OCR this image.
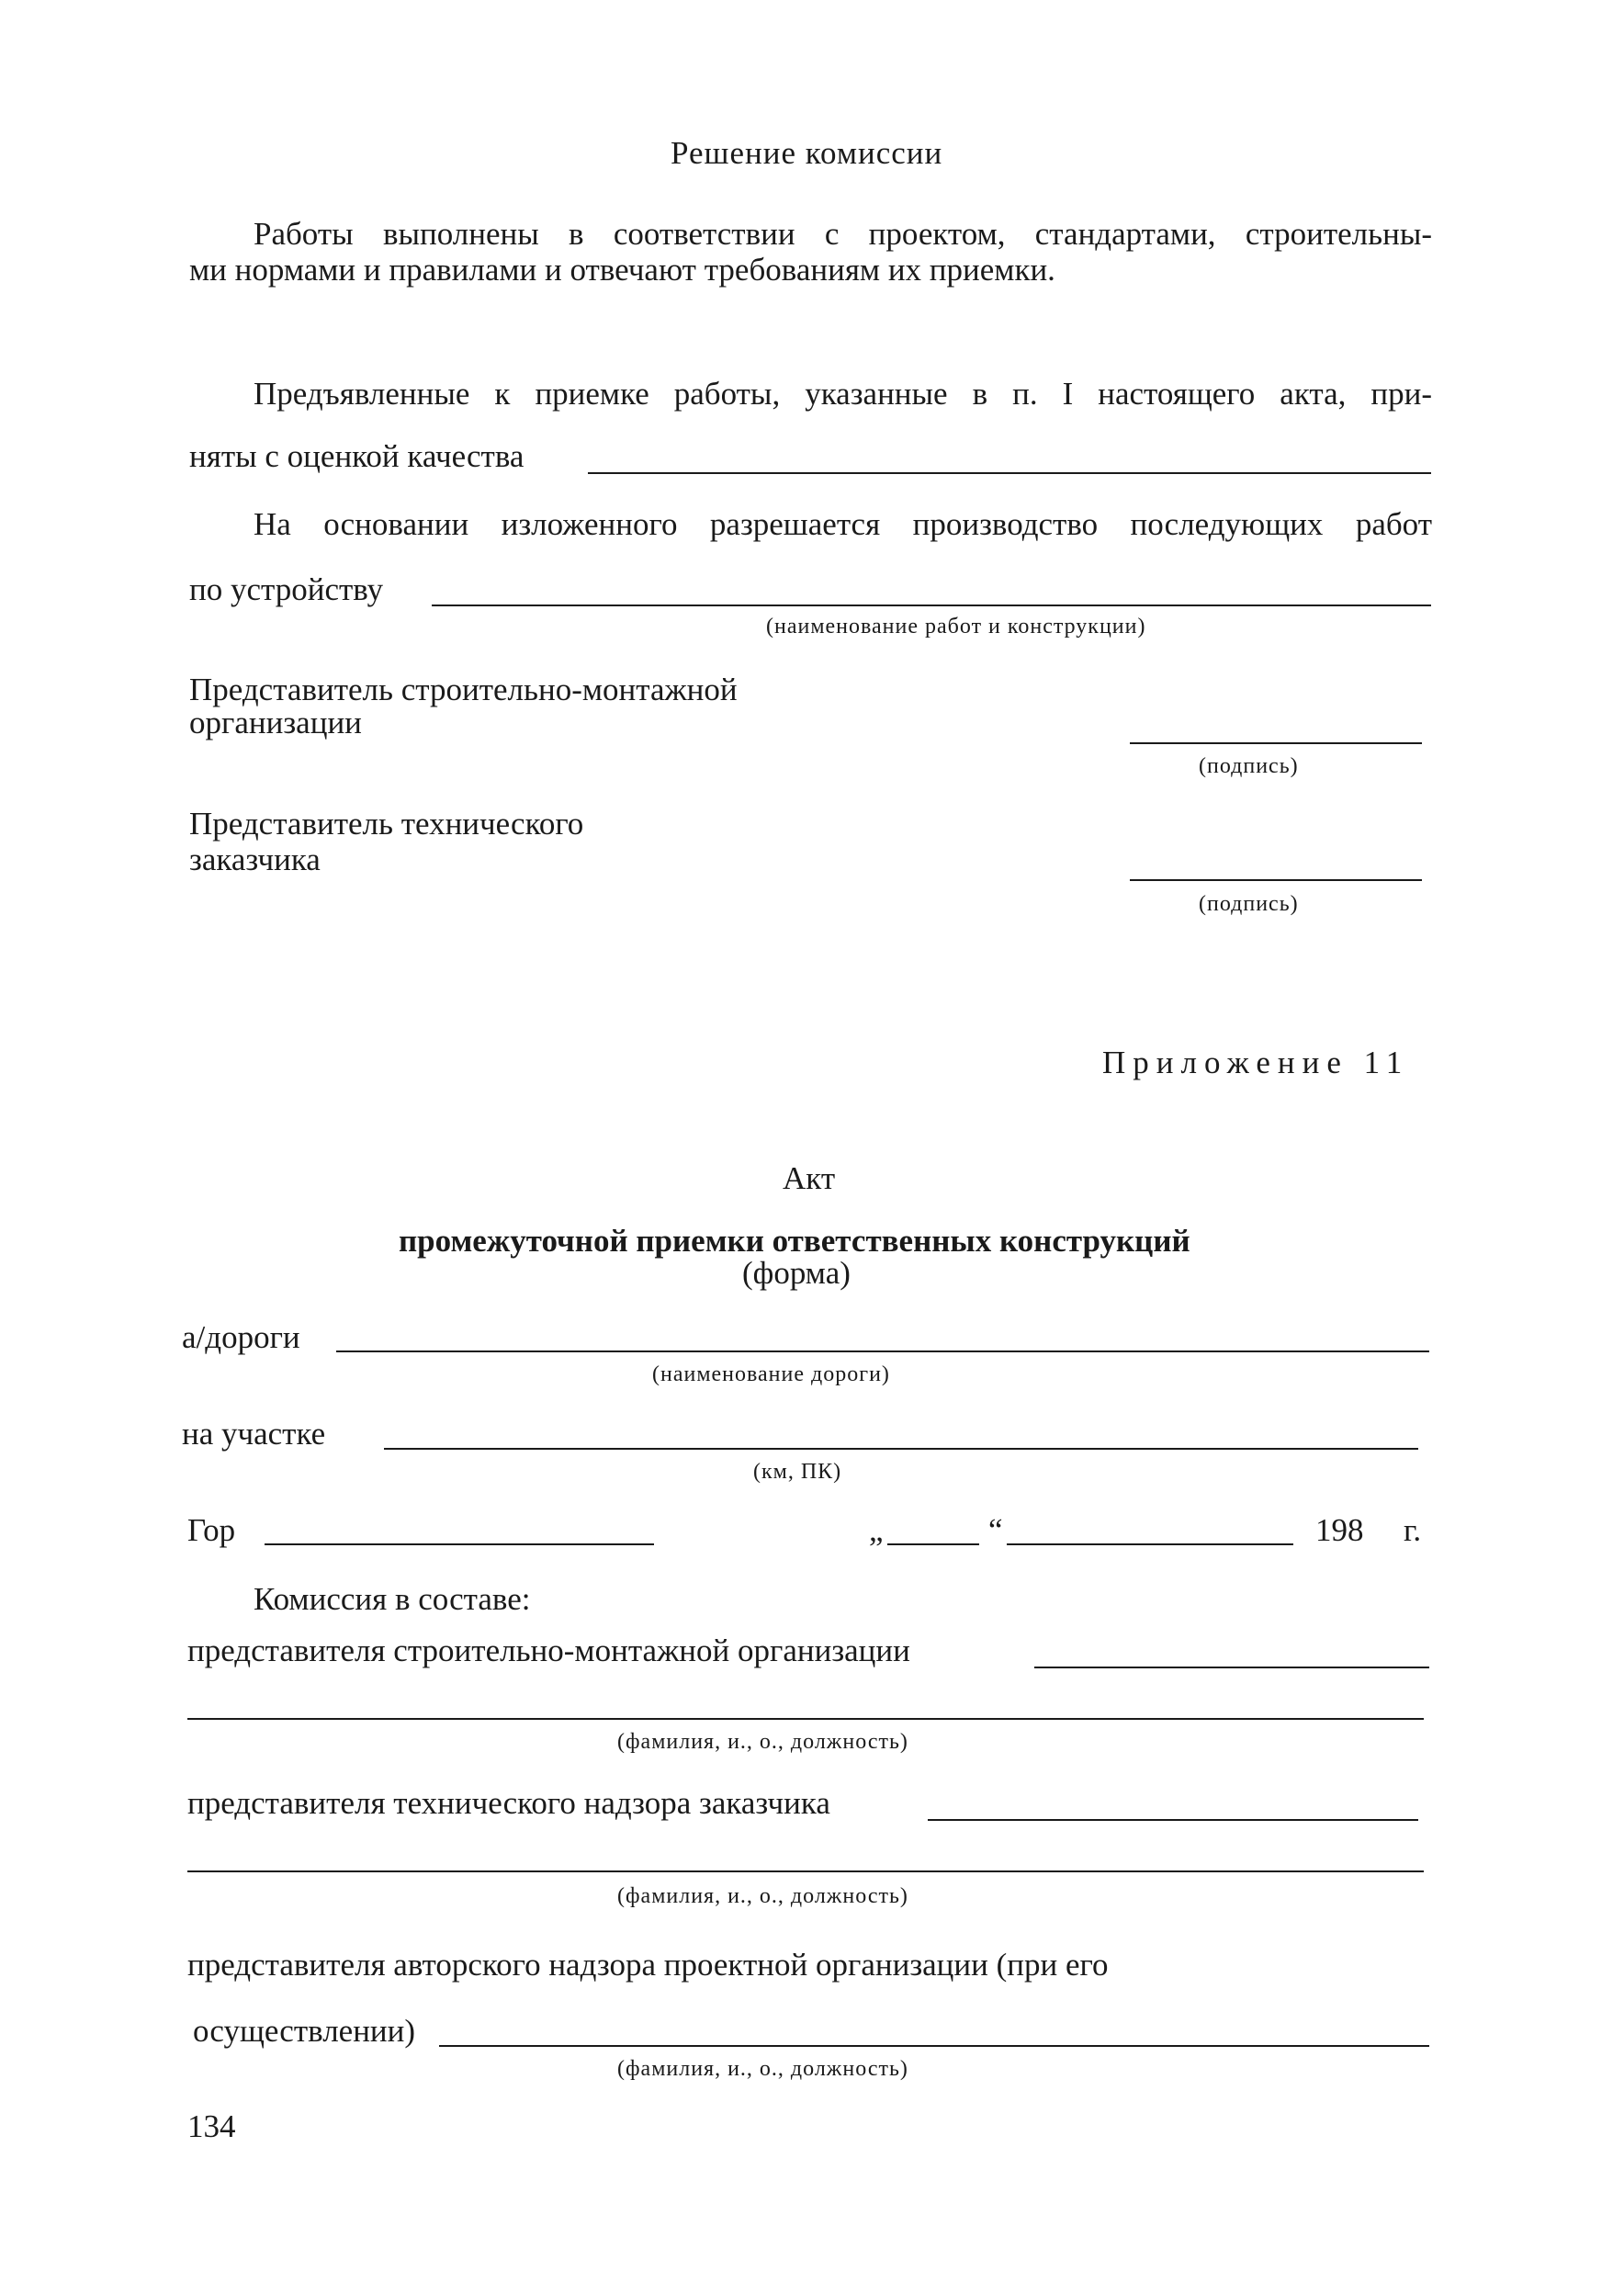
Решение комиссии
Работы выполнены в соответствии с проектом, стандартами, строительны-
ми нормами и правилами и отвечают требованиям их приемки.
Предъявленные к приемке работы, указанные в п. I настоящего акта, при-
няты с оценкой качества
На основании изложенного разрешается производство последующих работ
по устройству
(наименование работ и конструкции)
Представитель строительно-монтажной
организации
(подпись)
Представитель технического
заказчика
(подпись)
Приложение 11
Акт
промежуточной приемки ответственных конструкций
(форма)
а/дороги
(наименование дороги)
на участке
(км, ПК)
Гор	„	“	198 г.
Комиссия в составе:
представителя строительно-монтажной организации
(фамилия, и., о., должность)
представителя технического надзора заказчика
(фамилия, и., о., должность)
представителя авторского надзора проектной организации (при его
осуществлении)
(фамилия, и., о., должность)
134
